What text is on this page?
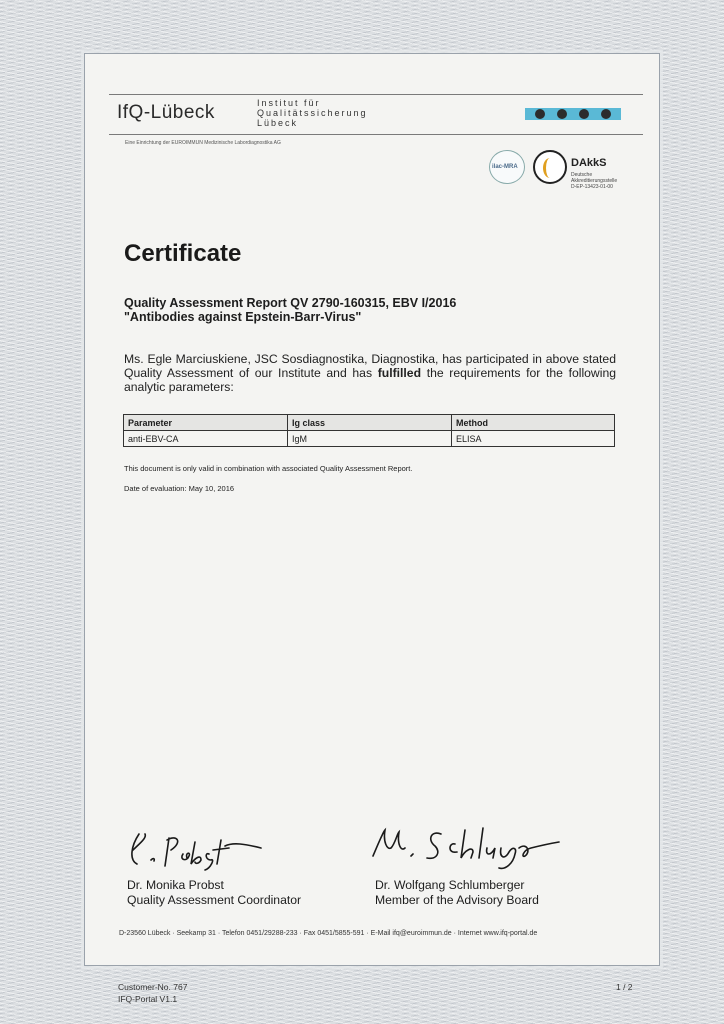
IfQ-Lübeck	Institut für
Qualitätssicherung
Lübeck
Eine Einrichtung der EUROIMMUN Medizinische Labordiagnostika AG
ilac-MRA	DAkkS
Deutsche
Akkreditierungsstelle
D-EP-13423-01-00
Certificate
Quality Assessment Report QV 2790-160315, EBV I/2016
"Antibodies against Epstein-Barr-Virus"
Ms. Egle Marciuskiene, JSC Sosdiagnostika, Diagnostika, has participated in above stated Quality Assessment of our Institute and has fulfilled the requirements for the following analytic parameters:
Parameter	Ig class	Method
anti-EBV-CA	IgM	ELISA
This document is only valid in combination with associated Quality Assessment Report.
Date of evaluation: May 10, 2016
Dr. Monika Probst
Quality Assessment Coordinator
Dr. Wolfgang Schlumberger
Member of the Advisory Board
D-23560 Lübeck · Seekamp 31 · Telefon 0451/29288-233 · Fax 0451/5855-591 · E-Mail ifq@euroimmun.de · Internet www.ifq-portal.de
Customer-No. 767
IFQ-Portal V1.1
1 / 2
